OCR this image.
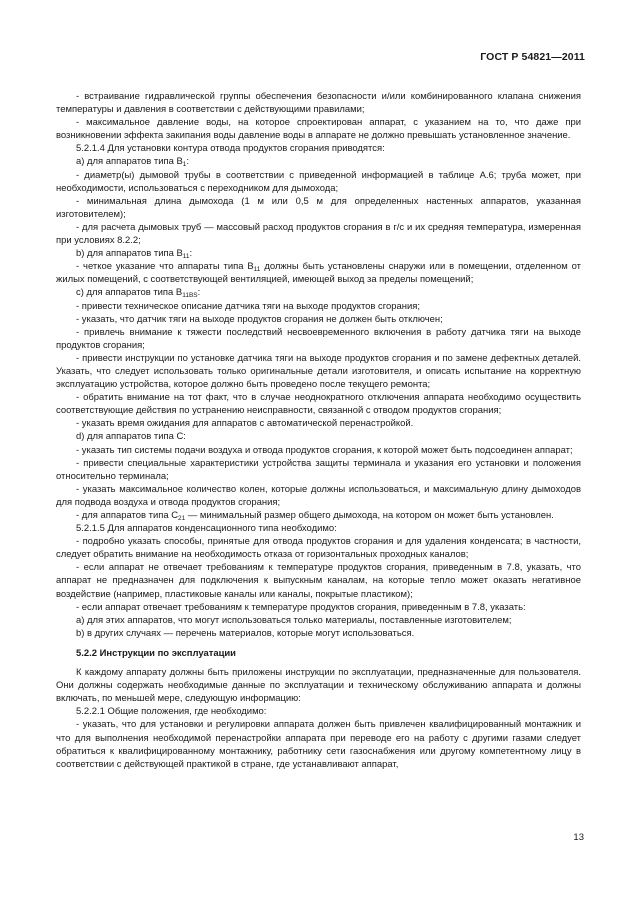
ГОСТ Р 54821—2011

- встраивание гидравлической группы обеспечения безопасности и/или комбинированного клапана снижения температуры и давления в соответствии с действующими правилами;

- максимальное давление воды, на которое спроектирован аппарат, с указанием на то, что даже при возникновении эффекта закипания воды давление воды в аппарате не должно превышать установленное значение.

5.2.1.4 Для установки контура отвода продуктов сгорания приводятся:

a) для аппаратов типа $B_1$:

- диаметр(ы) дымовой трубы в соответствии с приведенной информацией в таблице А.6; труба может, при необходимости, использоваться с переходником для дымохода;

- минимальная длина дымохода (1 м или 0,5 м для определенных настенных аппаратов, указанная изготовителем);

- для расчета дымовых труб — массовый расход продуктов сгорания в г/с и их средняя температура, измеренная при условиях 8.2.2;

b) для аппаратов типа $B_{11}$:

- четкое указание что аппараты типа $B_{11}$ должны быть установлены снаружи или в помещении, отделенном от жилых помещений, с соответствующей вентиляцией, имеющей выход за пределы помещений;

c) для аппаратов типа $B_{11BS}$:

- привести техническое описание датчика тяги на выходе продуктов сгорания;

- указать, что датчик тяги на выходе продуктов сгорания не должен быть отключен;

- привлечь внимание к тяжести последствий несвоевременного включения в работу датчика тяги на выходе продуктов сгорания;

- привести инструкции по установке датчика тяги на выходе продуктов сгорания и по замене дефектных деталей. Указать, что следует использовать только оригинальные детали изготовителя, и описать испытание на корректную эксплуатацию устройства, которое должно быть проведено после текущего ремонта;

- обратить внимание на тот факт, что в случае неоднократного отключения аппарата необходимо осуществить соответствующие действия по устранению неисправности, связанной с отводом продуктов сгорания;

- указать время ожидания для аппаратов с автоматической перенастройкой.

d) для аппаратов типа С:

- указать тип системы подачи воздуха и отвода продуктов сгорания, к которой может быть подсоединен аппарат;

- привести специальные характеристики устройства защиты терминала и указания его установки и положения относительно терминала;

- указать максимальное количество колен, которые должны использоваться, и максимальную длину дымоходов для подвода воздуха и отвода продуктов сгорания;

- для аппаратов типа $C_{21}$ — минимальный размер общего дымохода, на котором он может быть установлен.

5.2.1.5 Для аппаратов конденсационного типа необходимо:

- подробно указать способы, принятые для отвода продуктов сгорания и для удаления конденсата; в частности, следует обратить внимание на необходимость отказа от горизонтальных проходных каналов;

- если аппарат не отвечает требованиям к температуре продуктов сгорания, приведенным в 7.8, указать, что аппарат не предназначен для подключения к выпускным каналам, на которые тепло может оказать негативное воздействие (например, пластиковые каналы или каналы, покрытые пластиком);

- если аппарат отвечает требованиям к температуре продуктов сгорания, приведенным в 7.8, указать:

a) для этих аппаратов, что могут использоваться только материалы, поставленные изготовителем;

b) в других случаях — перечень материалов, которые могут использоваться.

5.2.2 Инструкции по эксплуатации

К каждому аппарату должны быть приложены инструкции по эксплуатации, предназначенные для пользователя. Они должны содержать необходимые данные по эксплуатации и техническому обслуживанию аппарата и должны включать, по меньшей мере, следующую информацию:

5.2.2.1 Общие положения, где необходимо:

- указать, что для установки и регулировки аппарата должен быть привлечен квалифицированный монтажник и что для выполнения необходимой перенастройки аппарата при переводе его на работу с другими газами следует обратиться к квалифицированному монтажнику, работнику сети газоснабжения или другому компетентному лицу в соответствии с действующей практикой в стране, где устанавливают аппарат,

13
